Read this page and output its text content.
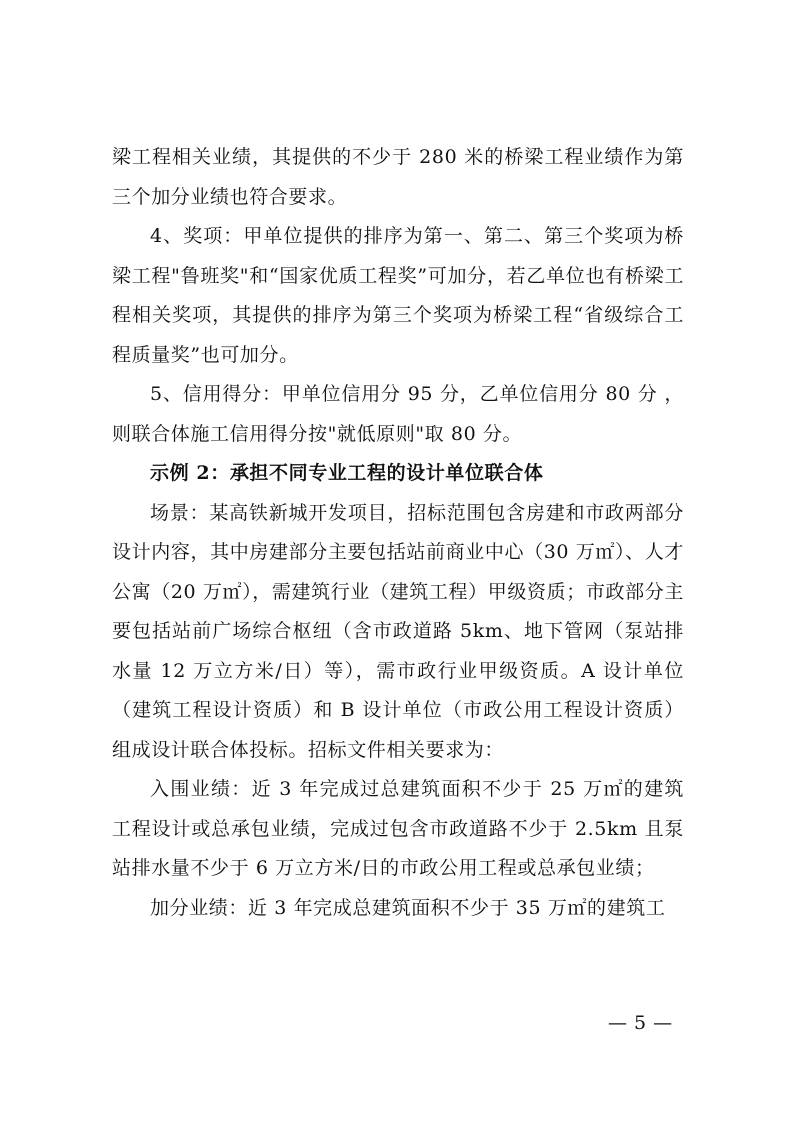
梁工程相关业绩，其提供的不少于 280 米的桥梁工程业绩作为第三个加分业绩也符合要求。

4、奖项：甲单位提供的排序为第一、第二、第三个奖项为桥梁工程"鲁班奖"和“国家优质工程奖”可加分，若乙单位也有桥梁工程相关奖项，其提供的排序为第三个奖项为桥梁工程“省级综合工程质量奖”也可加分。

5、信用得分：甲单位信用分 95 分，乙单位信用分 80 分 ，则联合体施工信用得分按"就低原则"取 80 分。

示例 2：承担不同专业工程的设计单位联合体

场景：某高铁新城开发项目，招标范围包含房建和市政两部分设计内容，其中房建部分主要包括站前商业中心（30 万㎡）、人才公寓（20 万㎡），需建筑行业（建筑工程）甲级资质；市政部分主要包括站前广场综合枢纽（含市政道路 5km、地下管网（泵站排水量 12 万立方米/日）等），需市政行业甲级资质。A 设计单位（建筑工程设计资质）和 B 设计单位（市政公用工程设计资质）组成设计联合体投标。招标文件相关要求为：

入围业绩：近 3 年完成过总建筑面积不少于 25 万㎡的建筑工程设计或总承包业绩，完成过包含市政道路不少于 2.5km 且泵站排水量不少于 6 万立方米/日的市政公用工程或总承包业绩；

加分业绩：近 3 年完成总建筑面积不少于 35 万㎡的建筑工

— 5 —
